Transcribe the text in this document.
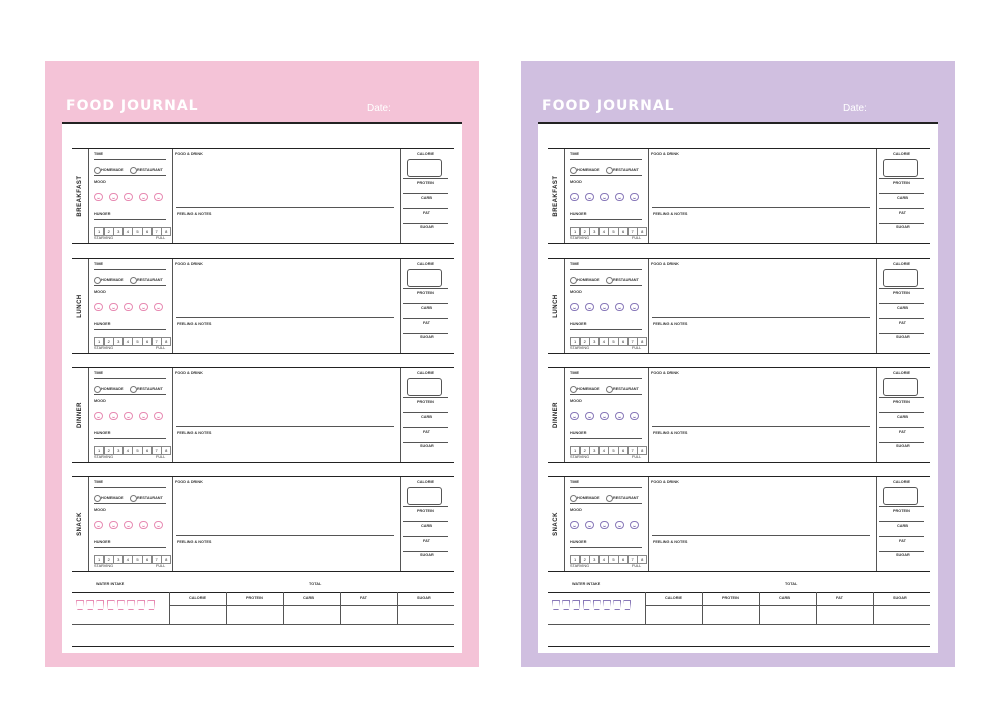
FOOD JOURNAL	Date:
BREAKFAST
TIME
HOMEMADE	RESTAURANT
MOOD
HUNGER
1	2	3	4	5	6	7	8
STARVING	FULL
FOOD & DRINK
FEELING & NOTES
CALORIE
PROTEIN
CARB
FAT
SUGAR
LUNCH
TIME
HOMEMADE	RESTAURANT
MOOD
HUNGER
1	2	3	4	5	6	7	8
STARVING	FULL
FOOD & DRINK
FEELING & NOTES
CALORIE
PROTEIN
CARB
FAT
SUGAR
DINNER
TIME
HOMEMADE	RESTAURANT
MOOD
HUNGER
1	2	3	4	5	6	7	8
STARVING	FULL
FOOD & DRINK
FEELING & NOTES
CALORIE
PROTEIN
CARB
FAT
SUGAR
SNACK
TIME
HOMEMADE	RESTAURANT
MOOD
HUNGER
1	2	3	4	5	6	7	8
STARVING	FULL
FOOD & DRINK
FEELING & NOTES
CALORIE
PROTEIN
CARB
FAT
SUGAR
WATER INTAKE	TOTAL
CALORIE	PROTEIN	CARB	FAT	SUGAR
FOOD JOURNAL	Date:
BREAKFAST
TIME
HOMEMADE	RESTAURANT
MOOD
HUNGER
1	2	3	4	5	6	7	8
STARVING	FULL
FOOD & DRINK
FEELING & NOTES
CALORIE
PROTEIN
CARB
FAT
SUGAR
LUNCH
TIME
HOMEMADE	RESTAURANT
MOOD
HUNGER
1	2	3	4	5	6	7	8
STARVING	FULL
FOOD & DRINK
FEELING & NOTES
CALORIE
PROTEIN
CARB
FAT
SUGAR
DINNER
TIME
HOMEMADE	RESTAURANT
MOOD
HUNGER
1	2	3	4	5	6	7	8
STARVING	FULL
FOOD & DRINK
FEELING & NOTES
CALORIE
PROTEIN
CARB
FAT
SUGAR
SNACK
TIME
HOMEMADE	RESTAURANT
MOOD
HUNGER
1	2	3	4	5	6	7	8
STARVING	FULL
FOOD & DRINK
FEELING & NOTES
CALORIE
PROTEIN
CARB
FAT
SUGAR
WATER INTAKE	TOTAL
CALORIE	PROTEIN	CARB	FAT	SUGAR
